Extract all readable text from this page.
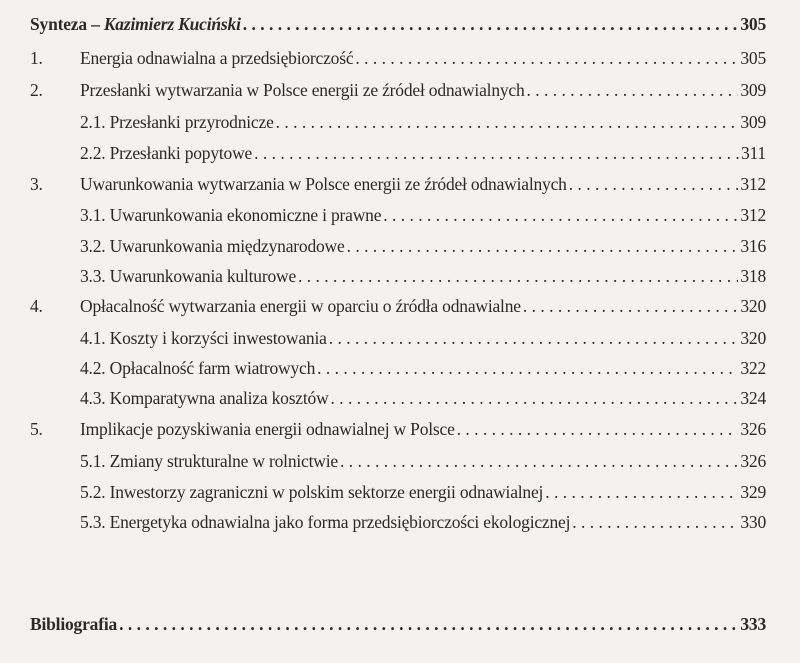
Synteza – Kazimierz Kuciński . . .	305
1.	Energia odnawialna a przedsiębiorczość . . .	305
2.	Przesłanki wytwarzania w Polsce energii ze źródeł odnawialnych . . .	309
2.1. Przesłanki przyrodnicze . . .	309
2.2. Przesłanki popytowe . . .	311
3.	Uwarunkowania wytwarzania w Polsce energii ze źródeł odnawialnych . . .	312
3.1. Uwarunkowania ekonomiczne i prawne . . .	312
3.2. Uwarunkowania międzynarodowe . . .	316
3.3. Uwarunkowania kulturowe . . .	318
4.	Opłacalność wytwarzania energii w oparciu o źródła odnawialne . . .	320
4.1. Koszty i korzyści inwestowania . . .	320
4.2. Opłacalność farm wiatrowych . . .	322
4.3. Komparatywna analiza kosztów . . .	324
5.	Implikacje pozyskiwania energii odnawialnej w Polsce . . .	326
5.1. Zmiany strukturalne w rolnictwie . . .	326
5.2. Inwestorzy zagraniczni w polskim sektorze energii odnawialnej . . .	329
5.3. Energetyka odnawialna jako forma przedsiębiorczości ekologicznej . . .	330
Bibliografia . . .	333
